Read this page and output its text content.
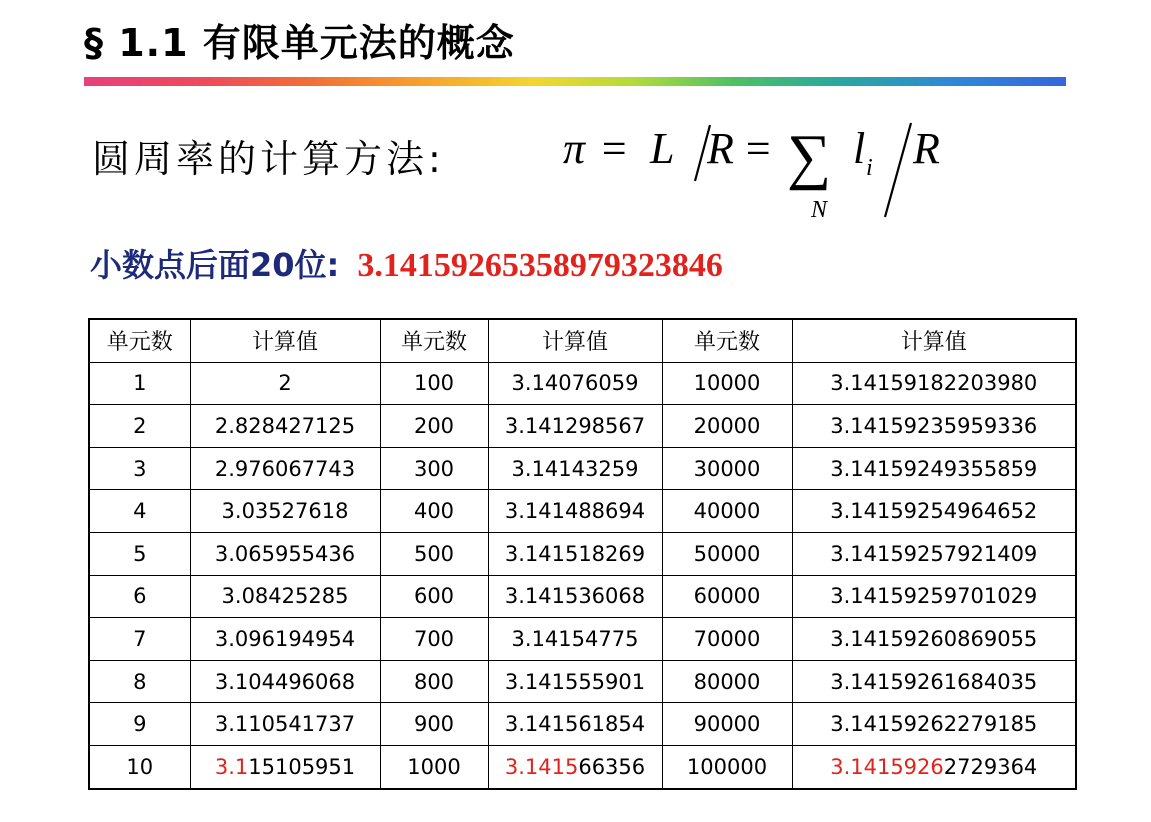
§ 1.1 有限单元法的概念
圆周率的计算方法:	π = L R = ∑
N
l i R
小数点后面20位: 3.14159265358979323846
单元数	计算值	单元数	计算值	单元数	计算值
1	2	100	3.14076059	10000	3.14159182203980
2	2.828427125	200	3.141298567	20000	3.14159235959336
3	2.976067743	300	3.14143259	30000	3.14159249355859
4	3.03527618	400	3.141488694	40000	3.14159254964652
5	3.065955436	500	3.141518269	50000	3.14159257921409
6	3.08425285	600	3.141536068	60000	3.14159259701029
7	3.096194954	700	3.14154775	70000	3.14159260869055
8	3.104496068	800	3.141555901	80000	3.14159261684035
9	3.110541737	900	3.141561854	90000	3.14159262279185
10	3.115105951	1000	3.141566356	100000	3.14159262729364
